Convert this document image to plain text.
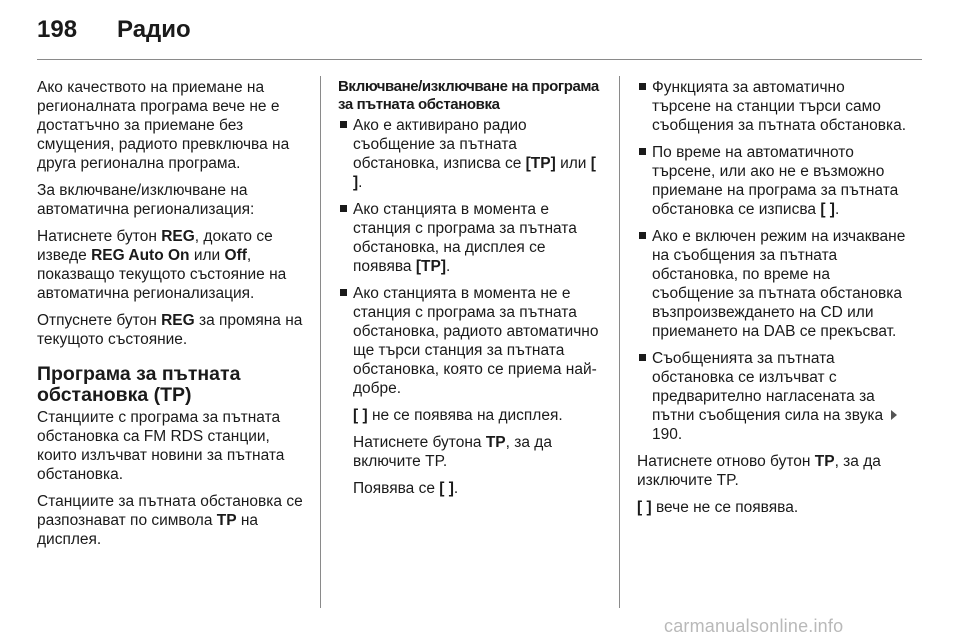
198 Радио

Ако качеството на приемане на регионалната програма вече не е достатъчно за приемане без смущения, радиото превключва на друга регионална програма.

За включване/изключване на автоматична регионализация:

Натиснете бутон REG, докато се изведе REG Auto On или Off, показващо текущото състояние на автоматична регионализация.

Отпуснете бутон REG за промяна на текущото състояние.

Програма за пътната обстановка (TP)

Станциите с програма за пътната обстановка са FM RDS станции, които излъчват новини за пътната обстановка.

Станциите за пътната обстановка се разпознават по символа TP на дисплея.

Включване/изключване на програма за пътната обстановка
Ако е активирано радио съобщение за пътната обстановка, изписва се [TP] или [ ].
Ако станцията в момента е станция с програма за пътната обстановка, на дисплея се появява [TP].
Ако станцията в момента не е станция с програма за пътната обстановка, радиото автоматично ще търси станция за пътната обстановка, която се приема най-добре.

[ ] не се появява на дисплея.

Натиснете бутона TP, за да включите TP.

Появява се [ ].

Функцията за автоматично търсене на станции търси само съобщения за пътната обстановка.
По време на автоматичното търсене, или ако не е възможно приемане на програма за пътната обстановка се изписва [ ].
Ако е включен режим на изчакване на съобщения за пътната обстановка, по време на съобщение за пътната обстановка възпроизвеждането на CD или приемането на DAB се прекъсват.
Съобщенията за пътната обстановка се излъчват с предварително нагласената за пътни съобщения сила на звука 190.

Натиснете отново бутон TP, за да изключите TP.

[ ] вече не се появява.

carmanualsonline.info
